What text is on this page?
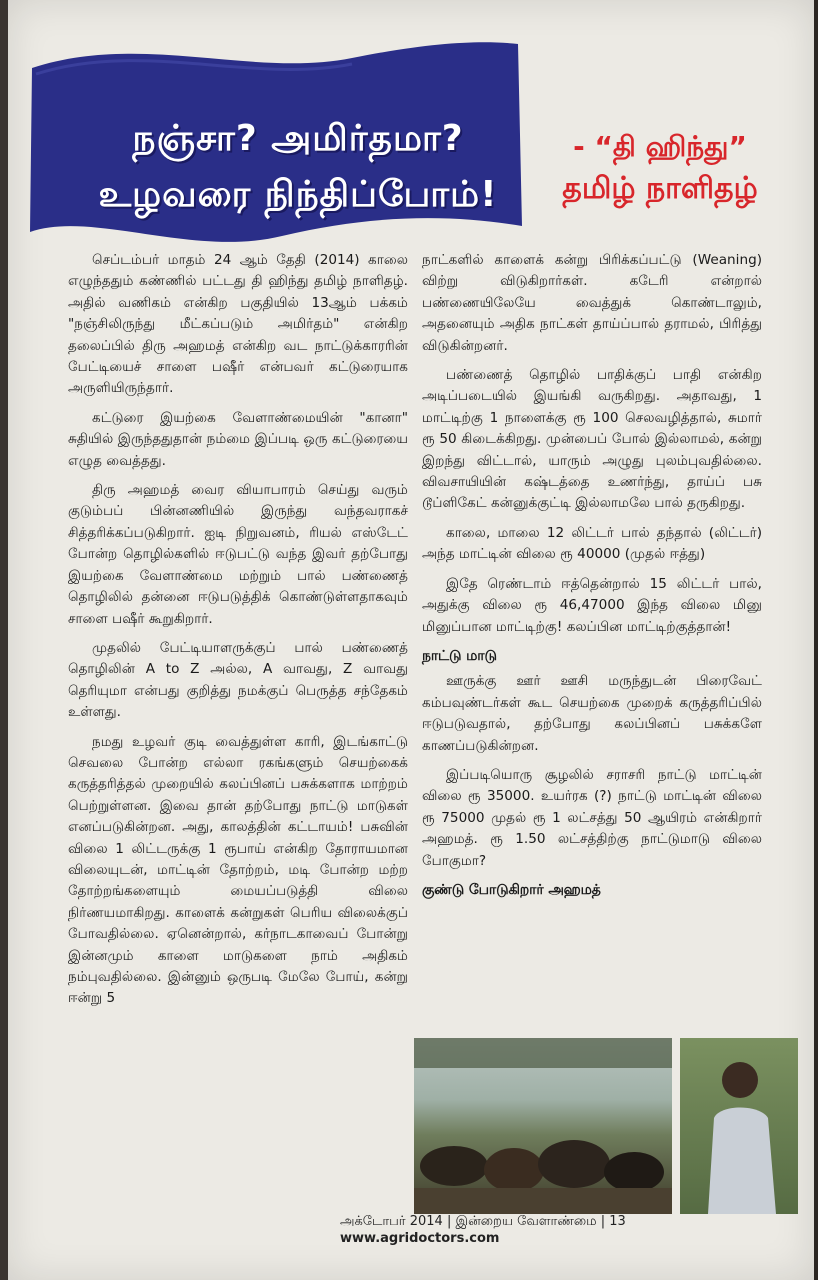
நஞ்சா? அமிர்தமா?
உழவரை நிந்திப்போம்!
- “தி ஹிந்து”
தமிழ் நாளிதழ்

செப்டம்பர் மாதம் 24 ஆம் தேதி (2014) காலை எழுந்ததும் கண்ணில் பட்டது தி ஹிந்து தமிழ் நாளிதழ். அதில் வணிகம் என்கிற பகுதியில் 13ஆம் பக்கம் "நஞ்சிலிருந்து மீட்கப்படும் அமிர்தம்" என்கிற தலைப்பில் திரு அஹமத் என்கிற வட நாட்டுக்காரரின் பேட்டியைச் சாளை பஷீர் என்பவர் கட்டுரையாக அருளியிருந்தார்.

கட்டுரை இயற்கை வேளாண்மையின் "கானா" சுதியில் இருந்ததுதான் நம்மை இப்படி ஒரு கட்டுரையை எழுத வைத்தது.

திரு அஹமத் வைர வியாபாரம் செய்து வரும் குடும்பப் பின்னணியில் இருந்து வந்தவராகச் சித்தரிக்கப்படுகிறார். ஐடி நிறுவனம், ரியல் எஸ்டேட் போன்ற தொழில்களில் ஈடுபட்டு வந்த இவர் தற்போது இயற்கை வேளாண்மை மற்றும் பால் பண்ணைத் தொழிலில் தன்னை ஈடுபடுத்திக் கொண்டுள்ளதாகவும் சாளை பஷீர் கூறுகிறார்.

முதலில் பேட்டியாளருக்குப் பால் பண்ணைத் தொழிலின் A to Z அல்ல, A வாவது, Z வாவது தெரியுமா என்பது குறித்து நமக்குப் பெருத்த சந்தேகம் உள்ளது.

நமது உழவர் குடி வைத்துள்ள காரி, இடங்காட்டு செவலை போன்ற எல்லா ரகங்களும் செயற்கைக் கருத்தரித்தல் முறையில் கலப்பினப் பசுக்களாக மாற்றம் பெற்றுள்ளன. இவை தான் தற்போது நாட்டு மாடுகள் எனப்படுகின்றன. அது, காலத்தின் கட்டாயம்! பசுவின் விலை 1 லிட்டருக்கு 1 ரூபாய் என்கிற தோராயமான விலையுடன், மாட்டின் தோற்றம், மடி போன்ற மற்ற தோற்றங்களையும் மையப்படுத்தி விலை நிர்ணயமாகிறது. காளைக் கன்றுகள் பெரிய விலைக்குப் போவதில்லை. ஏனென்றால், கர்நாடகாவைப் போன்று இன்னமும் காளை மாடுகளை நாம் அதிகம் நம்புவதில்லை. இன்னும் ஒருபடி மேலே போய், கன்று ஈன்று 5

நாட்களில் காளைக் கன்று பிரிக்கப்பட்டு (Weaning) விற்று விடுகிறார்கள். கடேரி என்றால் பண்ணையிலேயே வைத்துக் கொண்டாலும், அதனையும் அதிக நாட்கள் தாய்ப்பால் தராமல், பிரித்து விடுகின்றனர்.

பண்ணைத் தொழில் பாதிக்குப் பாதி என்கிற அடிப்படையில் இயங்கி வருகிறது. அதாவது, 1 மாட்டிற்கு 1 நாளைக்கு ரூ 100 செலவழித்தால், சுமார் ரூ 50 கிடைக்கிறது. முன்பைப் போல் இல்லாமல், கன்று இறந்து விட்டால், யாரும் அழுது புலம்புவதில்லை. விவசாயியின் கஷ்டத்தை உணர்ந்து, தாய்ப் பசு டூப்ளிகேட் கன்னுக்குட்டி இல்லாமலே பால் தருகிறது.

காலை, மாலை 12 லிட்டர் பால் தந்தால் (லிட்டர்) அந்த மாட்டின் விலை ரூ 40000 (முதல் ஈத்து)

இதே ரெண்டாம் ஈத்தென்றால் 15 லிட்டர் பால், அதுக்கு விலை ரூ 46,47000 இந்த விலை மினு மினுப்பான மாட்டிற்கு! கலப்பின மாட்டிற்குத்தான்!

நாட்டு மாடு

ஊருக்கு ஊர் ஊசி மருந்துடன் பிரைவேட் கம்பவுண்டர்கள் கூட செயற்கை முறைக் கருத்தரிப்பில் ஈடுபடுவதால், தற்போது கலப்பினப் பசுக்களே காணப்படுகின்றன.

இப்படியொரு சூழலில் சராசரி நாட்டு மாட்டின் விலை ரூ 35000. உயர்ரக (?) நாட்டு மாட்டின் விலை ரூ 75000 முதல் ரூ 1 லட்சத்து 50 ஆயிரம் என்கிறார் அஹமத். ரூ 1.50 லட்சத்திற்கு நாட்டுமாடு விலை போகுமா?

குண்டு போடுகிறார் அஹமத்
அக்டோபர் 2014 | இன்றைய வேளாண்மை | 13
www.agridoctors.com
